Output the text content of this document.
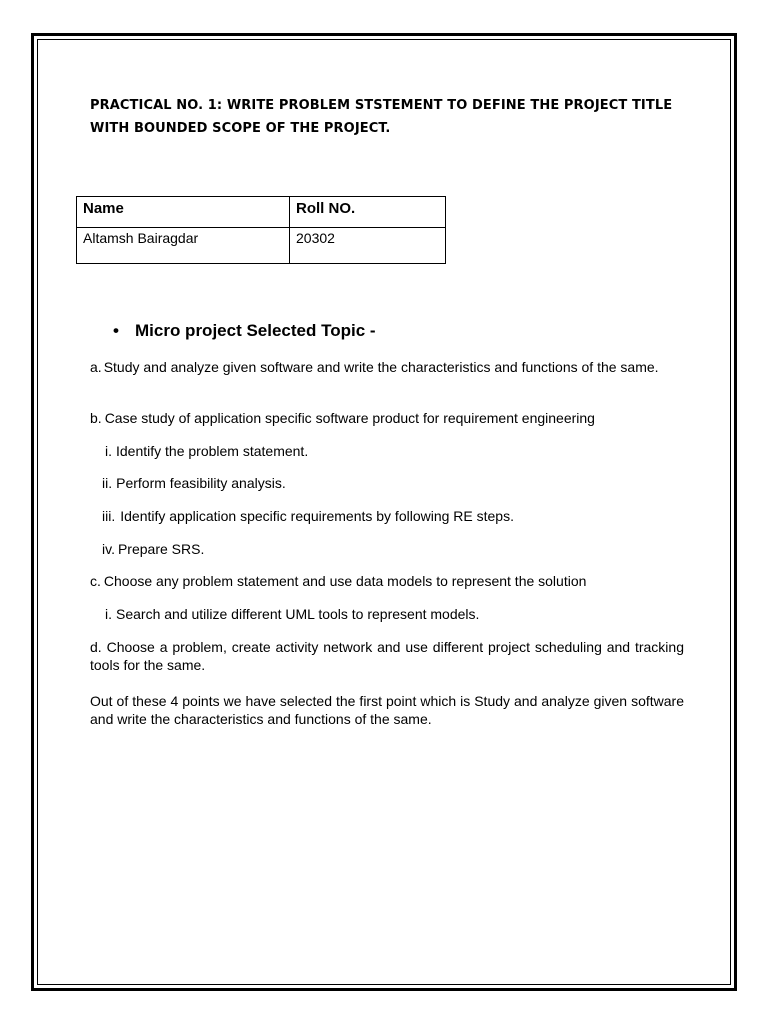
PRACTICAL NO. 1: WRITE PROBLEM STSTEMENT TO DEFINE THE PROJECT TITLE WITH BOUNDED SCOPE OF THE PROJECT.

Name	Roll NO.
Altamsh Bairagdar	20302
• Micro project Selected Topic -
a. Study and analyze given software and write the characteristics and functions of the same.
b. Case study of application specific software product for requirement engineering
i. Identify the problem statement.
ii. Perform feasibility analysis.
iii. Identify application specific requirements by following RE steps.
iv. Prepare SRS.
c. Choose any problem statement and use data models to represent the solution
i. Search and utilize different UML tools to represent models.
d. Choose a problem, create activity network and use different project scheduling and tracking tools for the same.
Out of these 4 points we have selected the first point which is Study and analyze given software and write the characteristics and functions of the same.
